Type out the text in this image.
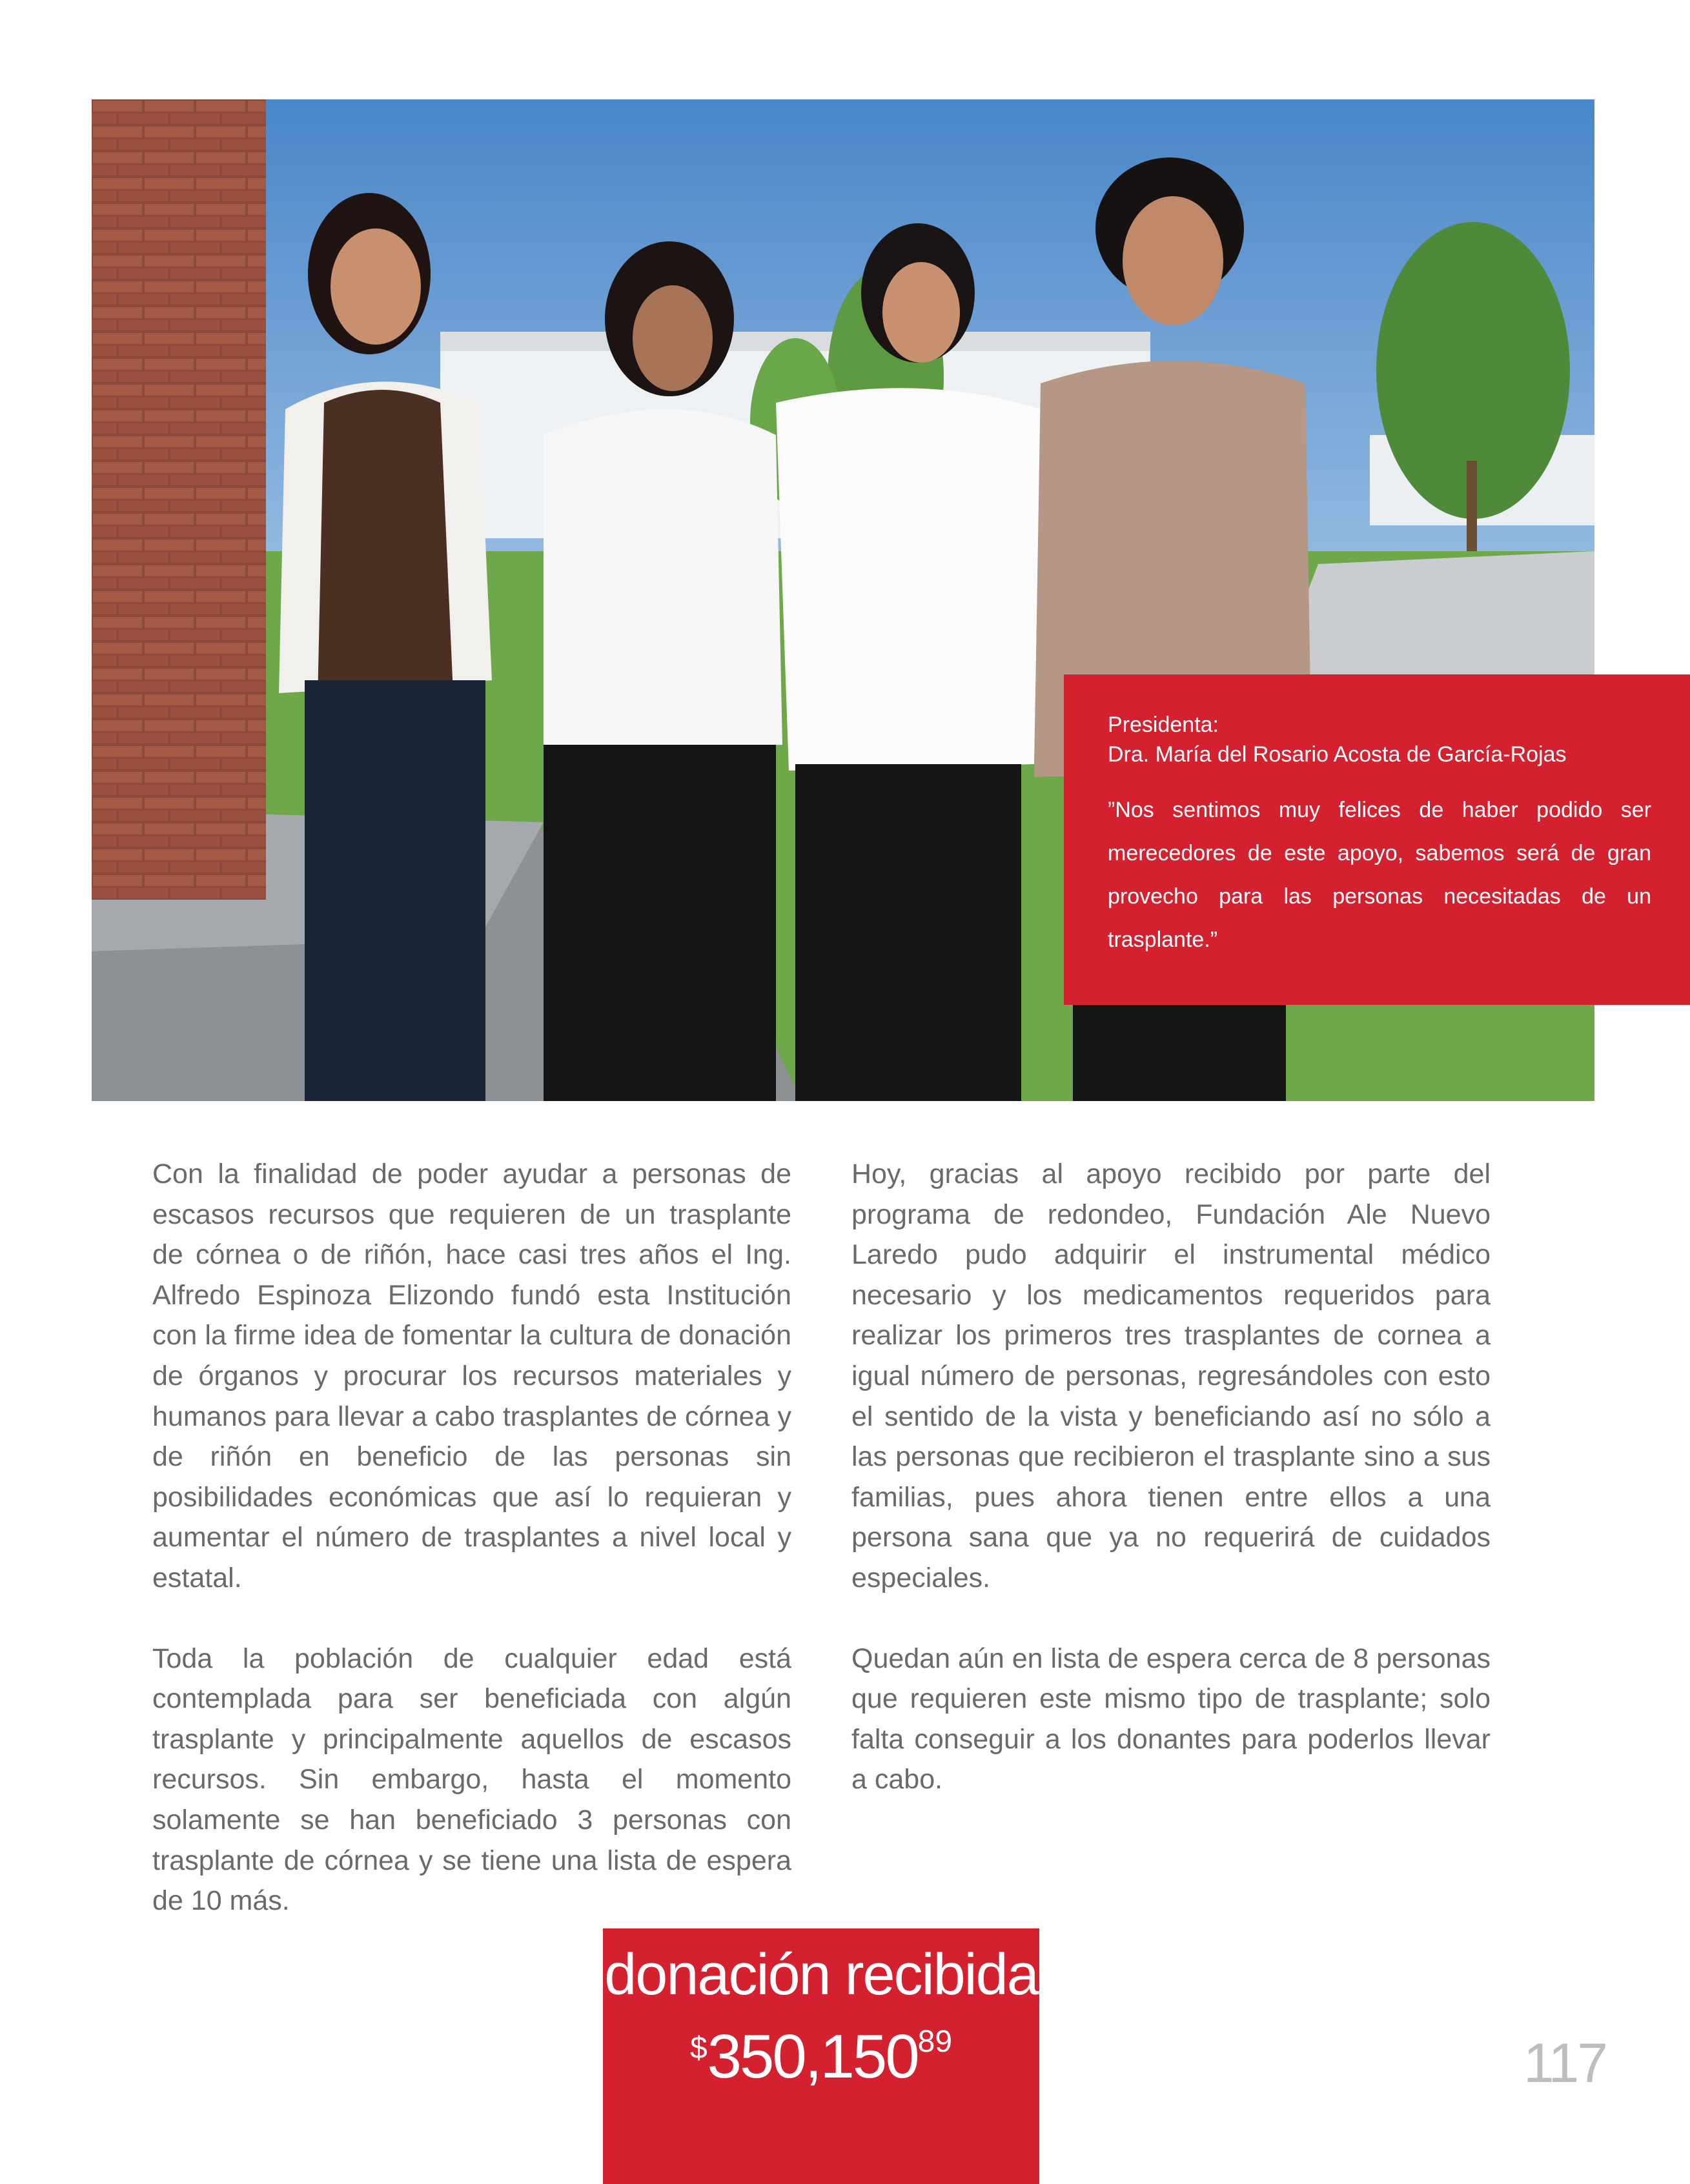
Presidenta:

Dra. María del Rosario Acosta de García-Rojas

”Nos sentimos muy felices de haber podido ser merecedores de este apoyo, sabemos será de gran provecho para las personas necesitadas de un trasplante.”

Con la finalidad de poder ayudar a personas de escasos recursos que requieren de un trasplante de córnea o de riñón, hace casi tres años el Ing. Alfredo Espinoza Elizondo fundó esta Institución con la firme idea de fomentar la cultura de donación de órganos y procurar los recursos materiales y humanos para llevar a cabo trasplantes de córnea y de riñón en beneficio de las personas sin posibilidades económicas que así lo requieran y aumentar el número de trasplantes a nivel local y estatal.

Toda la población de cualquier edad está contemplada para ser beneficiada con algún trasplante y principalmente aquellos de escasos recursos. Sin embargo, hasta el momento solamente se han beneficiado 3 personas con trasplante de córnea y se tiene una lista de espera de 10 más.

Hoy, gracias al apoyo recibido por parte del programa de redondeo, Fundación Ale Nuevo Laredo pudo adquirir el instrumental médico necesario y los medicamentos requeridos para realizar los primeros tres trasplantes de cornea a igual número de personas, regresándoles con esto el sentido de la vista y beneficiando así no sólo a las personas que recibieron el trasplante sino a sus familias, pues ahora tienen entre ellos a una persona sana que ya no requerirá de cuidados especiales.

Quedan aún en lista de espera cerca de 8 personas que requieren este mismo tipo de trasplante; solo falta conseguir a los donantes para poderlos llevar a cabo.

donación recibida
$350,150$^{89}$	117
